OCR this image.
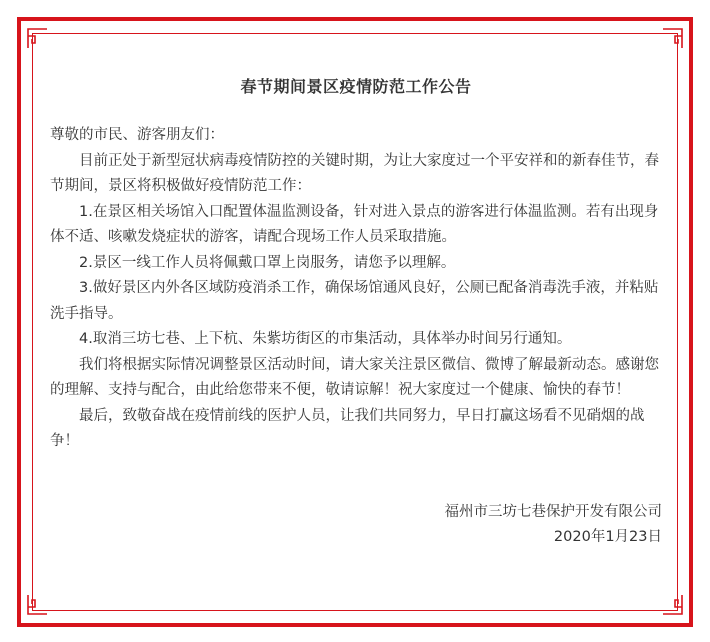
春节期间景区疫情防范工作公告

尊敬的市民、游客朋友们：

目前正处于新型冠状病毒疫情防控的关键时期，为让大家度过一个平安祥和的新春佳节，春节期间，景区将积极做好疫情防范工作：

1.在景区相关场馆入口配置体温监测设备，针对进入景点的游客进行体温监测。若有出现身体不适、咳嗽发烧症状的游客，请配合现场工作人员采取措施。

2.景区一线工作人员将佩戴口罩上岗服务，请您予以理解。

3.做好景区内外各区域防疫消杀工作，确保场馆通风良好，公厕已配备消毒洗手液，并粘贴洗手指导。

4.取消三坊七巷、上下杭、朱紫坊街区的市集活动，具体举办时间另行通知。

我们将根据实际情况调整景区活动时间，请大家关注景区微信、微博了解最新动态。感谢您的理解、支持与配合，由此给您带来不便，敬请谅解！祝大家度过一个健康、愉快的春节！

最后，致敬奋战在疫情前线的医护人员，让我们共同努力，早日打赢这场看不见硝烟的战争！

福州市三坊七巷保护开发有限公司
2020年1月23日
